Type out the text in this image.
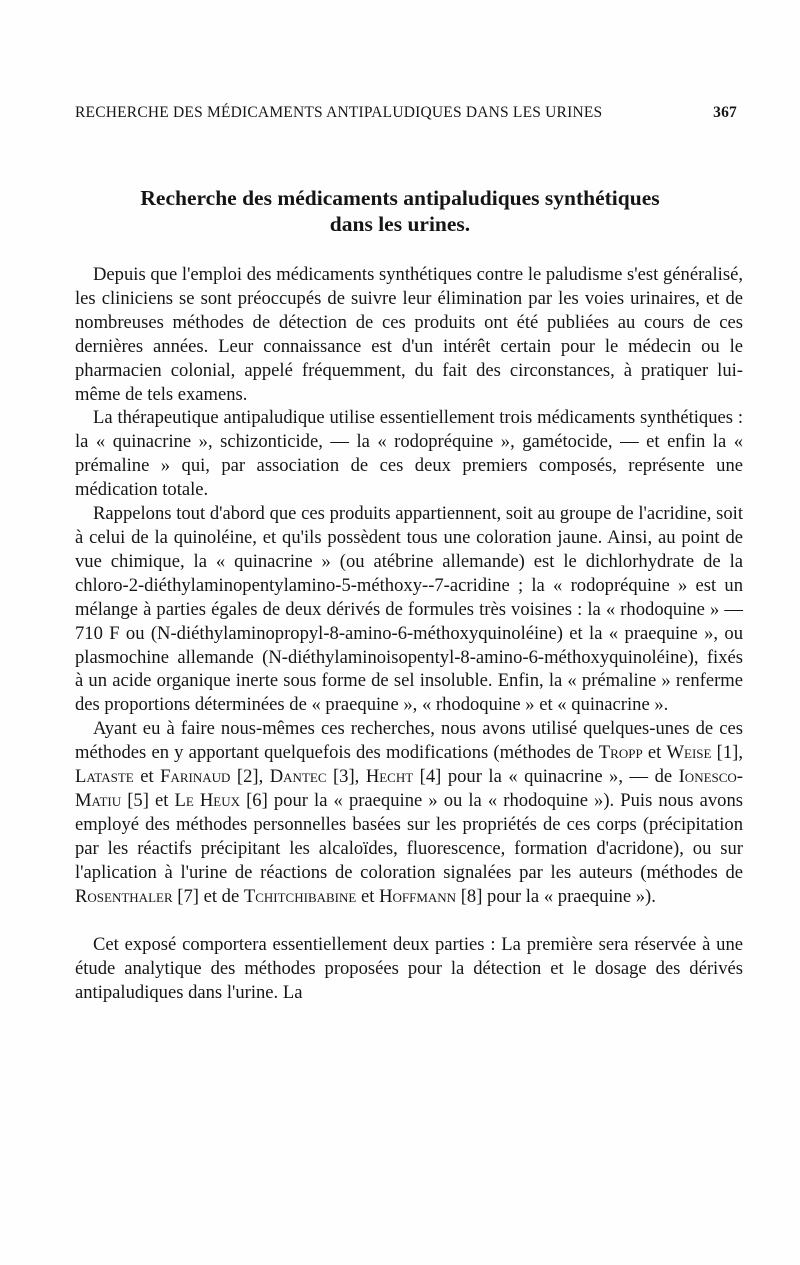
RECHERCHE DES MÉDICAMENTS ANTIPALUDIQUES DANS LES URINES	367
Recherche des médicaments antipaludiques synthétiques
dans les urines.

Depuis que l'emploi des médicaments synthétiques contre le paludisme s'est généralisé, les cliniciens se sont préoccupés de suivre leur élimination par les voies urinaires, et de nombreuses méthodes de détection de ces produits ont été publiées au cours de ces dernières années. Leur connaissance est d'un intérêt certain pour le médecin ou le pharmacien colonial, appelé fréquemment, du fait des circonstances, à pratiquer lui-même de tels examens.

La thérapeutique antipaludique utilise essentiellement trois médicaments synthétiques : la « quinacrine », schizonticide, — la « rodopréquine », gamétocide, — et enfin la « prémaline » qui, par association de ces deux premiers composés, représente une médication totale.

Rappelons tout d'abord que ces produits appartiennent, soit au groupe de l'acridine, soit à celui de la quinoléine, et qu'ils possèdent tous une coloration jaune. Ainsi, au point de vue chimique, la « quinacrine » (ou atébrine allemande) est le dichlorhydrate de la chloro-2-diéthylaminopentylamino-5-méthoxy--7-acridine ; la « rodopréquine » est un mélange à parties égales de deux dérivés de formules très voisines : la « rhodoquine » — 710 F ou (N-diéthylaminopropyl-8-amino-6-méthoxyquinoléine) et la « praequine », ou plasmochine allemande (N-diéthylaminoisopentyl-8-amino-6-méthoxyquinoléine), fixés à un acide organique inerte sous forme de sel insoluble. Enfin, la « prémaline » renferme des proportions déterminées de « praequine », « rhodoquine » et « quinacrine ».

Ayant eu à faire nous-mêmes ces recherches, nous avons utilisé quelques-unes de ces méthodes en y apportant quelquefois des modifications (méthodes de Tropp et Weise [1], Lataste et Farinaud [2], Dantec [3], Hecht [4] pour la « quinacrine », — de Ionesco-Matiu [5] et Le Heux [6] pour la « praequine » ou la « rhodoquine »). Puis nous avons employé des méthodes personnelles basées sur les propriétés de ces corps (précipitation par les réactifs précipitant les alcaloïdes, fluorescence, formation d'acridone), ou sur l'aplication à l'urine de réactions de coloration signalées par les auteurs (méthodes de Rosenthaler [7] et de Tchitchibabine et Hoffmann [8] pour la « praequine »).

Cet exposé comportera essentiellement deux parties : La première sera réservée à une étude analytique des méthodes proposées pour la détection et le dosage des dérivés antipaludiques dans l'urine. La
